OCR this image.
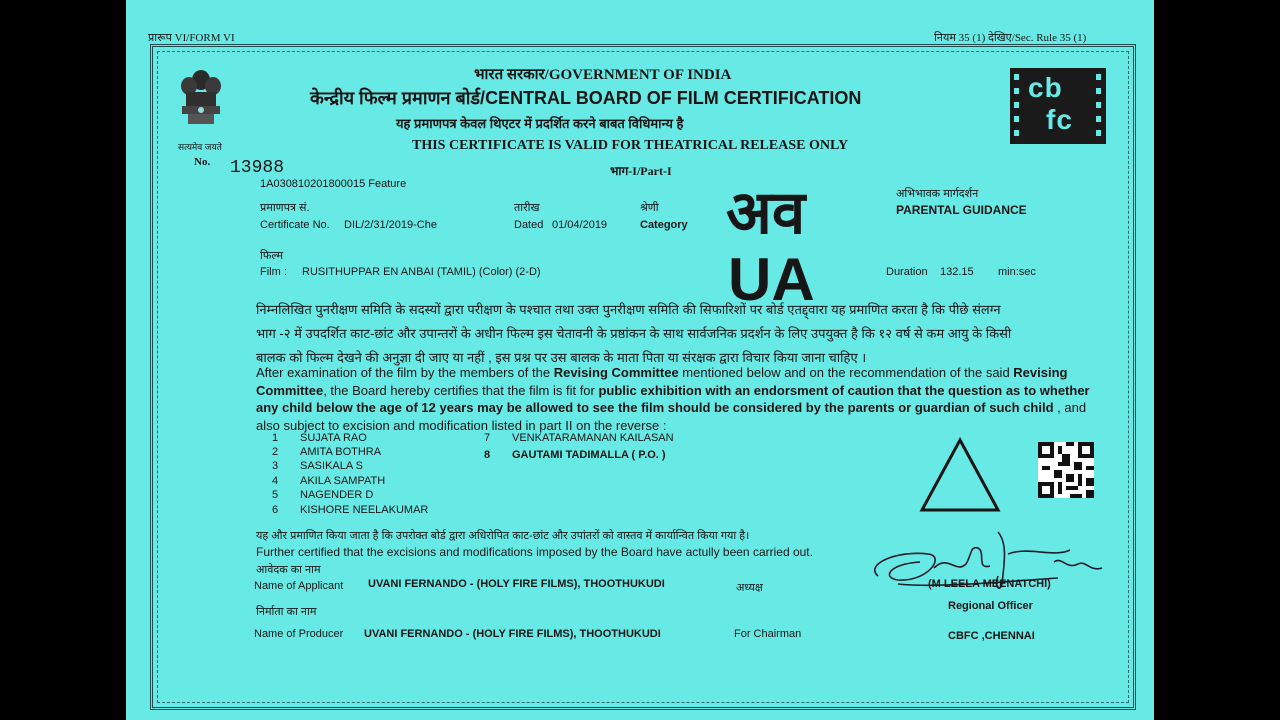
प्रारूप VI/FORM VI	नियम 35 (1) देखिए/Sec. Rule 35 (1)
सत्यमेव जयते
भारत सरकार/GOVERNMENT OF INDIA
केन्द्रीय फिल्म प्रमाणन बोर्ड/CENTRAL BOARD OF FILM CERTIFICATION
यह प्रमाणपत्र केवल थिएटर में प्रदर्शित करने बाबत विधिमान्य है
THIS CERTIFICATE IS VALID FOR THEATRICAL RELEASE ONLY
भाग-I/Part-I
cb
fc
No. 13988
1A030810201800015 Feature
प्रमाणपत्र सं.
Certificate No. DIL/2/31/2019-Che
तारीख
Dated 01/04/2019
श्रेणी
Category अव
UA
अभिभावक मार्गदर्शन
PARENTAL GUIDANCE
फिल्म
Film : RUSITHUPPAR EN ANBAI (TAMIL) (Color) (2-D)	Duration 132.15 min:sec
निम्नलिखित पुनरीक्षण समिति के सदस्यों द्वारा परीक्षण के पश्चात तथा उक्त पुनरीक्षण समिति की सिफारिशों पर बोर्ड एतद्द्वारा यह प्रमाणित करता है कि पीछे संलग्न
भाग -२ में उपदर्शित काट-छांट और उपान्तरों के अधीन फिल्म इस चेतावनी के प्रष्ठांकन के साथ सार्वजनिक प्रदर्शन के लिए उपयुक्त है कि १२ वर्ष से कम आयु के किसी
बालक को फिल्म देखने की अनुज्ञा दी जाए या नहीं , इस प्रश्न पर उस बालक के माता पिता या संरक्षक द्वारा विचार किया जाना चाहिए ।
After examination of the film by the members of the Revising Committee mentioned below and on the recommendation of the said Revising Committee, the Board hereby certifies that the film is fit for public exhibition with an endorsment of caution that the question as to whether any child below the age of 12 years may be allowed to see the film should be considered by the parents or guardian of such child , and also subject to excision and modification listed in part II on the reverse :
1 SUJATA RAO
2 AMITA BOTHRA
3 SASIKALA S
4 AKILA SAMPATH
5 NAGENDER D
6 KISHORE NEELAKUMAR
7 VENKATARAMANAN KAILASAN
8 GAUTAMI TADIMALLA ( P.O. )
यह और प्रमाणित किया जाता है कि उपरोक्त बोर्ड द्वारा अधिरोपित काट-छांट और उपांतरों को वास्तव में कार्यान्वित किया गया है।
Further certified that the excisions and modifications imposed by the Board have actully been carried out.
आवेदक का नाम
Name of Applicant UVANI FERNANDO - (HOLY FIRE FILMS), THOOTHUKUDI
निर्माता का नाम
Name of Producer UVANI FERNANDO - (HOLY FIRE FILMS), THOOTHUKUDI
अध्यक्ष
For Chairman
(M LEELA MEENATCHI)
Regional Officer
CBFC ,CHENNAI
